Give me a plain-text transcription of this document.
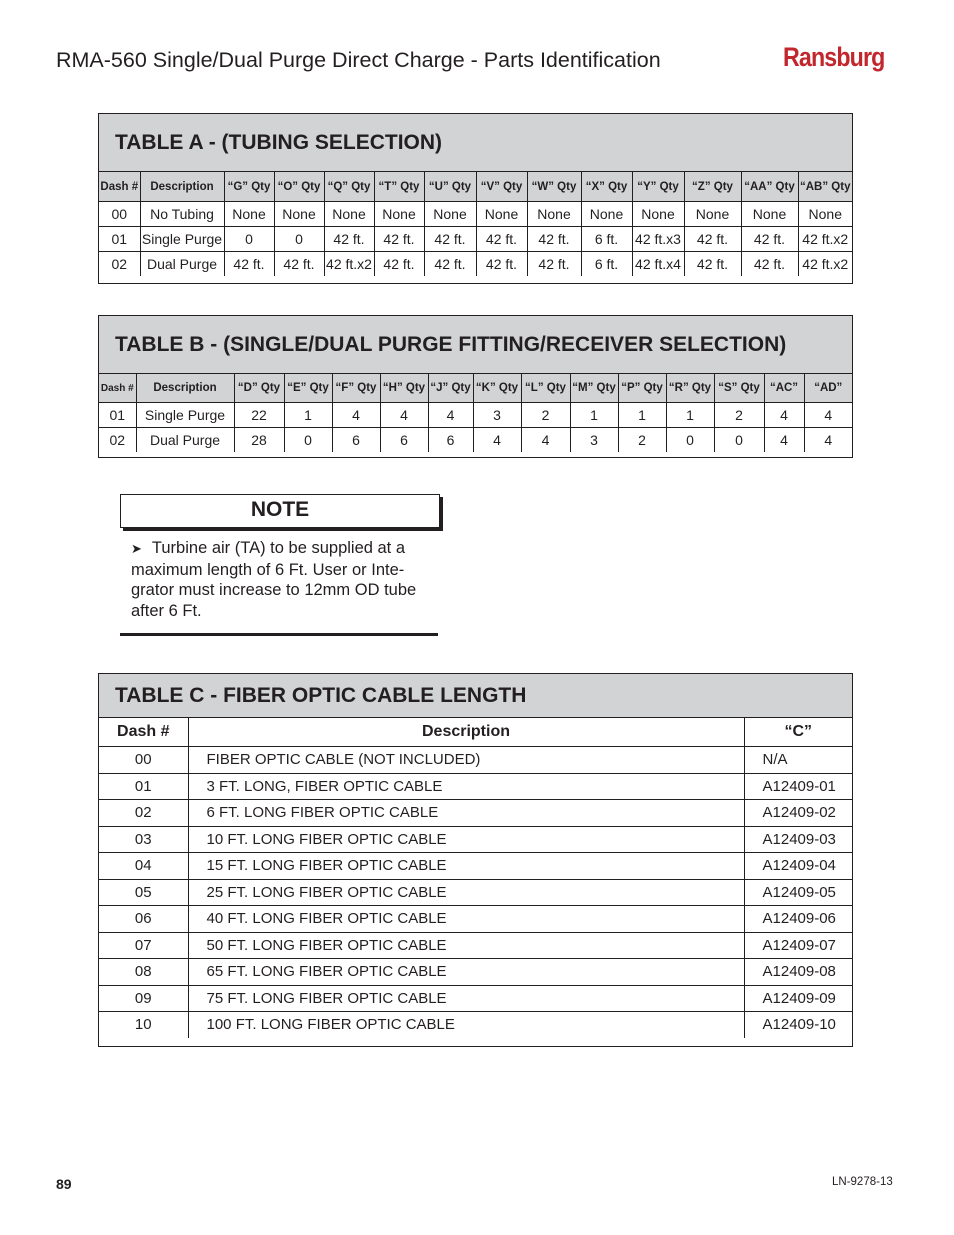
RMA-560 Single/Dual Purge Direct Charge - Parts Identification	Ransburg
TABLE A - (TUBING SELECTION)
Dash #	Description	“G” Qty	“O” Qty	“Q” Qty	“T” Qty	“U” Qty	“V” Qty	“W” Qty	“X” Qty	“Y” Qty	“Z” Qty	“AA” Qty	“AB” Qty
00	No Tubing	None	None	None	None	None	None	None	None	None	None	None	None
01	Single Purge	0	0	42 ft.	42 ft.	42 ft.	42 ft.	42 ft.	6 ft.	42 ft.x3	42 ft.	42 ft.	42 ft.x2
02	Dual Purge	42 ft.	42 ft.	42 ft.x2	42 ft.	42 ft.	42 ft.	42 ft.	6 ft.	42 ft.x4	42 ft.	42 ft.	42 ft.x2
TABLE B - (SINGLE/DUAL PURGE FITTING/RECEIVER SELECTION)
Dash #	Description	“D” Qty	“E” Qty	“F” Qty	“H” Qty	“J” Qty	“K” Qty	“L” Qty	“M” Qty	“P” Qty	“R” Qty	“S” Qty	“AC”	“AD”
01	Single Purge	22	1	4	4	4	3	2	1	1	1	2	4	4
02	Dual Purge	28	0	6	6	6	4	4	3	2	0	0	4	4
NOTE
➤ Turbine air (TA) to be supplied at a maximum length of 6 Ft. User or Inte-grator must increase to 12mm OD tube after 6 Ft.
TABLE C - FIBER OPTIC CABLE LENGTH
Dash #	Description	“C”
00	FIBER OPTIC CABLE (NOT INCLUDED)	N/A
01	3 FT. LONG, FIBER OPTIC CABLE	A12409-01
02	6 FT. LONG FIBER OPTIC CABLE	A12409-02
03	10 FT. LONG FIBER OPTIC CABLE	A12409-03
04	15 FT. LONG FIBER OPTIC CABLE	A12409-04
05	25 FT. LONG FIBER OPTIC CABLE	A12409-05
06	40 FT. LONG FIBER OPTIC CABLE	A12409-06
07	50 FT. LONG FIBER OPTIC CABLE	A12409-07
08	65 FT. LONG FIBER OPTIC CABLE	A12409-08
09	75 FT. LONG FIBER OPTIC CABLE	A12409-09
10	100 FT. LONG FIBER OPTIC CABLE	A12409-10
89	LN-9278-13
